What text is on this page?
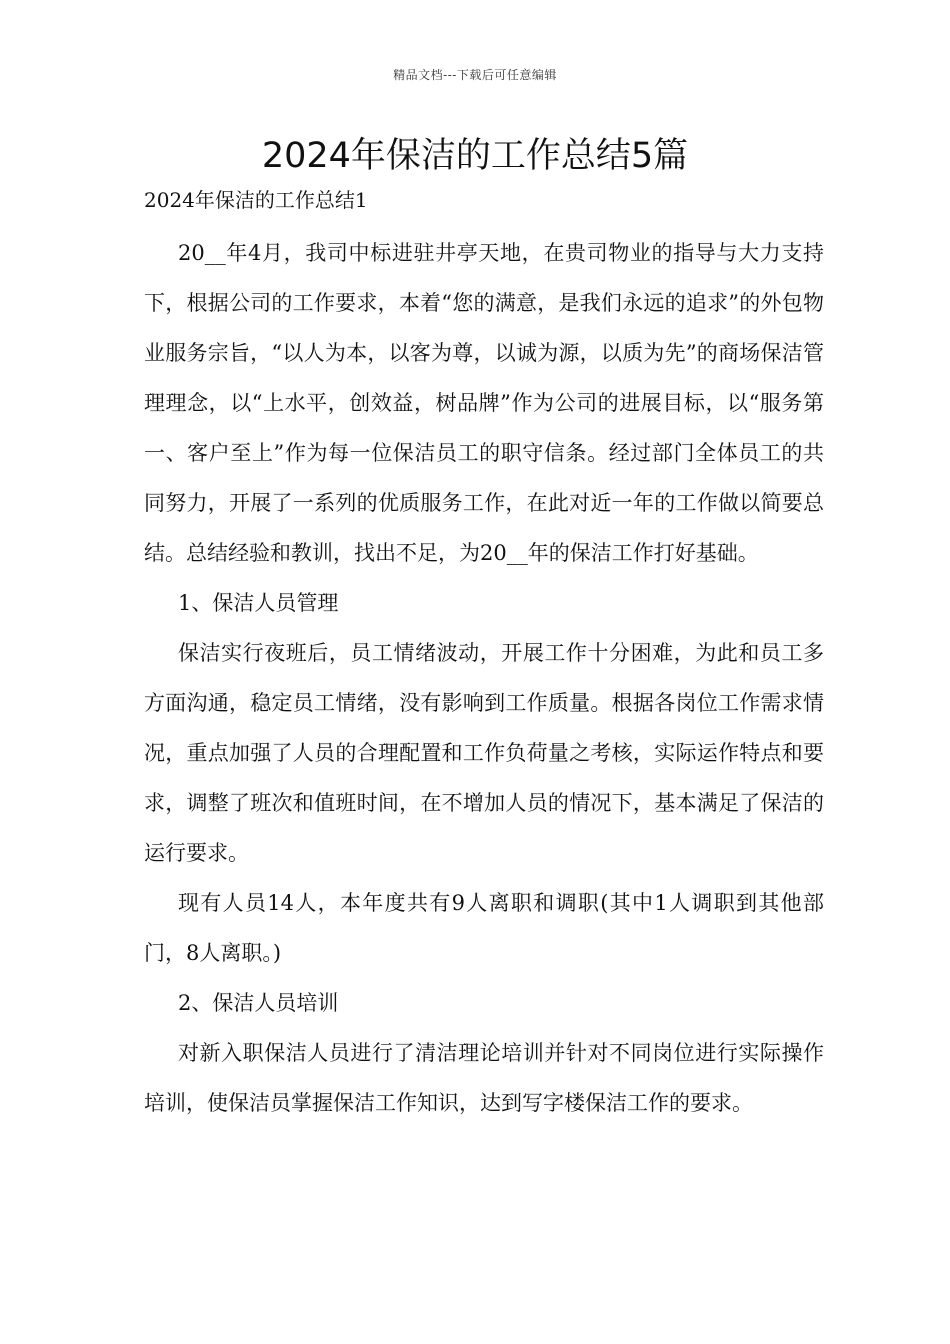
精品文档---下载后可任意编辑
2024年保洁的工作总结5篇

2024年保洁的工作总结1

20__年4月，我司中标进驻井亭天地，在贵司物业的指导与大力支持下，根据公司的工作要求，本着“您的满意，是我们永远的追求”的外包物业服务宗旨，“以人为本，以客为尊，以诚为源，以质为先”的商场保洁管理理念，以“上水平，创效益，树品牌”作为公司的进展目标，以“服务第一、客户至上”作为每一位保洁员工的职守信条。经过部门全体员工的共同努力，开展了一系列的优质服务工作，在此对近一年的工作做以简要总结。总结经验和教训，找出不足，为20__年的保洁工作打好基础。

1、保洁人员管理

保洁实行夜班后，员工情绪波动，开展工作十分困难，为此和员工多方面沟通，稳定员工情绪，没有影响到工作质量。根据各岗位工作需求情况，重点加强了人员的合理配置和工作负荷量之考核，实际运作特点和要求，调整了班次和值班时间，在不增加人员的情况下，基本满足了保洁的运行要求。

现有人员14人，本年度共有9人离职和调职(其中1人调职到其他部门，8人离职。)

2、保洁人员培训

对新入职保洁人员进行了清洁理论培训并针对不同岗位进行实际操作培训，使保洁员掌握保洁工作知识，达到写字楼保洁工作的要求。
